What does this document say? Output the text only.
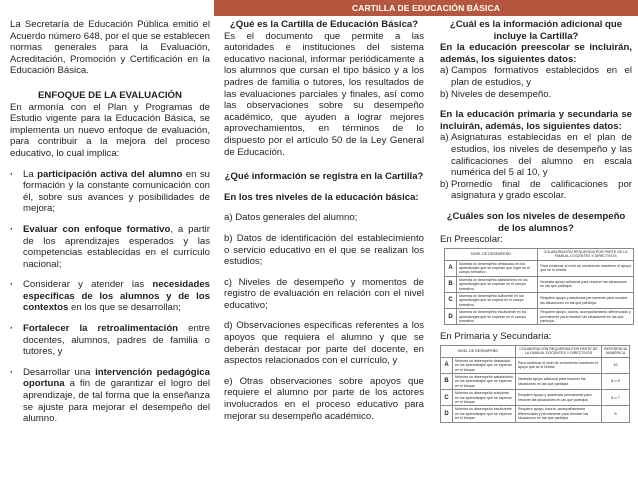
CARTILLA DE EDUCACIÓN BÁSICA

La Secretaría de Educación Pública emitió el Acuerdo número 648, por el que se establecen normas generales para la Evaluación, Acreditación, Promoción y Certificación en la Educación Básica.

ENFOQUE DE LA EVALUACIÓN

En armonía con el Plan y Programas de Estudio vigente para la Educación Básica, se implementa un nuevo enfoque de evaluación, para contribuir a la mejora del proceso educativo, lo cual implica:

· La participación activa del alumno en su formación y la constante comunicación con él, sobre sus avances y posibilidades de mejora;
· Evaluar con enfoque formativo, a partir de los aprendizajes esperados y las competencias establecidas en el currículo nacional;
· Considerar y atender las necesidades específicas de los alumnos y de los contextos en los que se desarrollan;
· Fortalecer la retroalimentación entre docentes, alumnos, padres de familia o tutores, y
· Desarrollar una intervención pedagógica oportuna a fin de garantizar el logro del aprendizaje, de tal forma que la enseñanza se ajuste para mejorar el desempeño del alumno.

¿Qué es la Cartilla de Educación Básica?

Es el documento que permite a las autoridades e instituciones del sistema educativo nacional, informar periódicamente a los alumnos que cursan el tipo básico y a los padres de familia o tutores, los resultados de las evaluaciones parciales y finales, así como las observaciones sobre su desempeño académico, que ayuden a lograr mejores aprovechamientos, en términos de lo dispuesto por el artículo 50 de la Ley General de Educación.

¿Qué información se registra en la Cartilla?

En los tres niveles de la educación básica:

a) Datos generales del alumno;

b) Datos de identificación del establecimiento o servicio educativo en el que se realizan los estudios;

c) Niveles de desempeño y momentos de registro de evaluación en relación con el nivel educativo;

d) Observaciones específicas referentes a los apoyos que requiera el alumno y que se deberán destacar por parte del docente, en aspectos relacionados con el currículo, y

e) Otras observaciones sobre apoyos que requiere el alumno por parte de los actores involucrados en el proceso educativo para mejorar su desempeño académico.

¿Cuál es la información adicional que incluye la Cartilla?

En la educación preescolar se incluirán, además, los siguientes datos:

a) Campos formativos establecidos en el plan de estudios, y
b) Niveles de desempeño.

En la educación primaria y secundaria se incluirán, además, los siguientes datos:

a) Asignaturas establecidas en el plan de estudios, los niveles de desempeño y las calificaciones del alumno en escala numérica del 5 al 10, y
b) Promedio final de calificaciones por asignatura y grado escolar.

¿Cuáles son los niveles de desempeño de los alumnos?

En Preescolar:

NIVEL DE DESEMPEÑO		COLABORACIÓN REQUERIDA POR PARTE DE LA FAMILIA, DOCENTES Y DIRECTIVOS
A	Muestra un desempeño destacado en los aprendizajes que se esperan que logre en el campo formativo.	Para continuar el nivel de crecimiento mantener el apoyo que se le brinda.
B	Muestra un desempeño satisfactorio en los aprendizajes que se esperan en el campo formativo.	Necesita apoyo adicional para resolver las situaciones en las que participa.
C	Muestra un desempeño suficiente en los aprendizajes que se espera en el campo formativo.	Requiere apoyo y asistencia permanente para resolver las situaciones en las que participa.
D	Muestra un desempeño insuficiente en los aprendizajes que se esperan en el campo formativo.	Requiere apoyo, tutoría, acompañamiento diferenciado y permanente para resolver las situaciones en las que participa.

En Primaria y Secundaria:

NIVEL DE DESEMPEÑO		COLABORACIÓN REQUERIDA POR PARTE DE LA FAMILIA, DOCENTES Y DIRECTIVOS	REFERENCIA NUMÉRICA
A	Muestra un desempeño destacado en los aprendizajes que se esperan en el bloque.	Para continuar el nivel de crecimiento mantener el apoyo que se le brinda.	10
B	Muestra un desempeño satisfactorio en los aprendizajes que se esperan en el bloque.	Necesita apoyo adicional para resolver las situaciones en las que participa.	8 o 9
C	Muestra un desempeño suficiente en los aprendizajes que se esperan en el bloque.	Requiere apoyo y asistencia permanente para resolver las situaciones en las que participa.	6 o 7
D	Muestra un desempeño insuficiente en los aprendizajes que se esperan en el bloque.	Requiere apoyo, tutoría, acompañamiento diferenciado y permanente para resolver las situaciones en las que participa.	5
